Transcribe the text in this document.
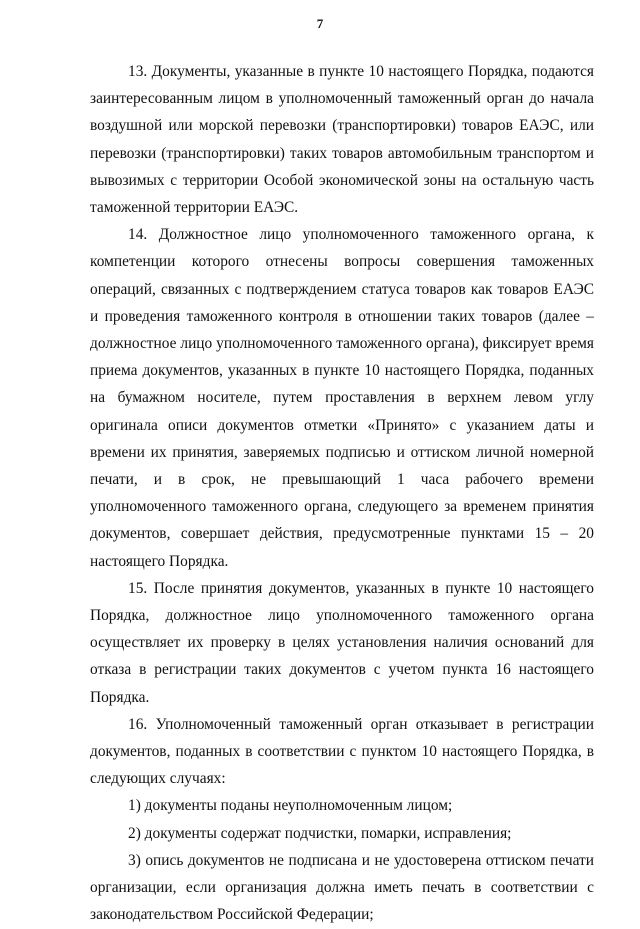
7

13. Документы, указанные в пункте 10 настоящего Порядка, подаются заинтересованным лицом в уполномоченный таможенный орган до начала воздушной или морской перевозки (транспортировки) товаров ЕАЭС, или перевозки (транспортировки) таких товаров автомобильным транспортом и вывозимых с территории Особой экономической зоны на остальную часть таможенной территории ЕАЭС.

14. Должностное лицо уполномоченного таможенного органа, к компетенции которого отнесены вопросы совершения таможенных операций, связанных с подтверждением статуса товаров как товаров ЕАЭС и проведения таможенного контроля в отношении таких товаров (далее – должностное лицо уполномоченного таможенного органа), фиксирует время приема документов, указанных в пункте 10 настоящего Порядка, поданных на бумажном носителе, путем проставления в верхнем левом углу оригинала описи документов отметки «Принято» с указанием даты и времени их принятия, заверяемых подписью и оттиском личной номерной печати, и в срок, не превышающий 1 часа рабочего времени уполномоченного таможенного органа, следующего за временем принятия документов, совершает действия, предусмотренные пунктами 15 – 20 настоящего Порядка.

15. После принятия документов, указанных в пункте 10 настоящего Порядка, должностное лицо уполномоченного таможенного органа осуществляет их проверку в целях установления наличия оснований для отказа в регистрации таких документов с учетом пункта 16 настоящего Порядка.

16. Уполномоченный таможенный орган отказывает в регистрации документов, поданных в соответствии с пунктом 10 настоящего Порядка, в следующих случаях:

1) документы поданы неуполномоченным лицом;

2) документы содержат подчистки, помарки, исправления;

3) опись документов не подписана и не удостоверена оттиском печати организации, если организация должна иметь печать в соответствии с законодательством Российской Федерации;
